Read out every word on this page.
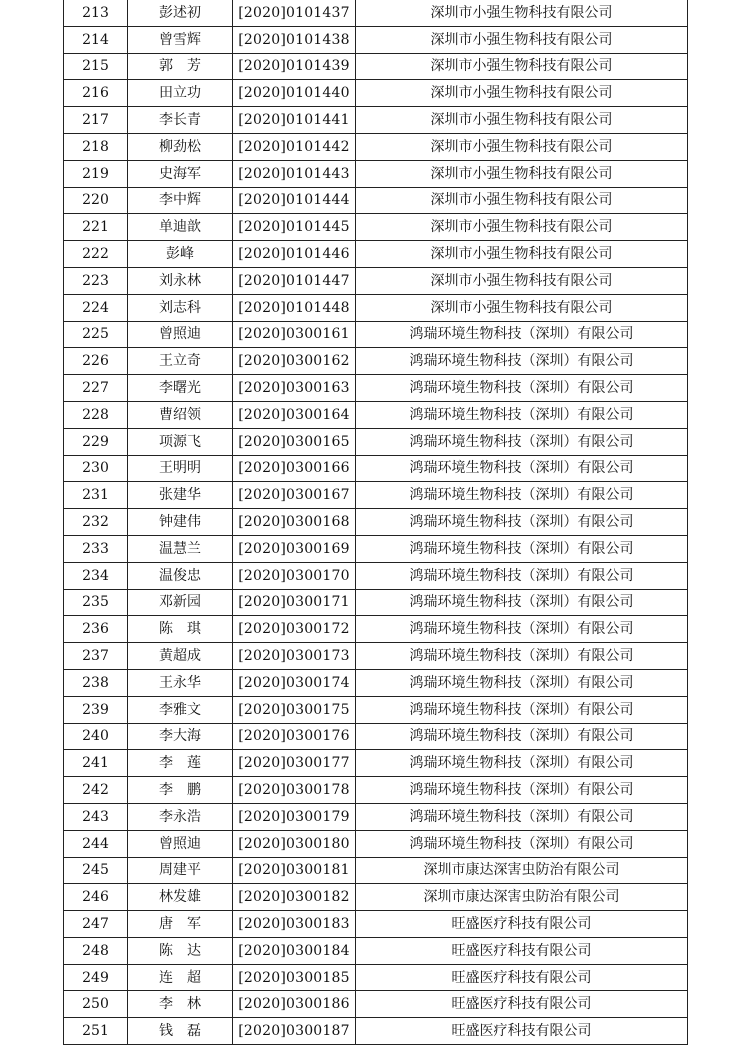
213	彭述初	[2020]0101437	深圳市小强生物科技有限公司
214	曾雪辉	[2020]0101438	深圳市小强生物科技有限公司
215	郭　芳	[2020]0101439	深圳市小强生物科技有限公司
216	田立功	[2020]0101440	深圳市小强生物科技有限公司
217	李长青	[2020]0101441	深圳市小强生物科技有限公司
218	柳劲松	[2020]0101442	深圳市小强生物科技有限公司
219	史海军	[2020]0101443	深圳市小强生物科技有限公司
220	李中辉	[2020]0101444	深圳市小强生物科技有限公司
221	单迪歆	[2020]0101445	深圳市小强生物科技有限公司
222	彭峰	[2020]0101446	深圳市小强生物科技有限公司
223	刘永林	[2020]0101447	深圳市小强生物科技有限公司
224	刘志科	[2020]0101448	深圳市小强生物科技有限公司
225	曾照迪	[2020]0300161	鸿瑞环境生物科技（深圳）有限公司
226	王立奇	[2020]0300162	鸿瑞环境生物科技（深圳）有限公司
227	李曙光	[2020]0300163	鸿瑞环境生物科技（深圳）有限公司
228	曹绍领	[2020]0300164	鸿瑞环境生物科技（深圳）有限公司
229	项源飞	[2020]0300165	鸿瑞环境生物科技（深圳）有限公司
230	王明明	[2020]0300166	鸿瑞环境生物科技（深圳）有限公司
231	张建华	[2020]0300167	鸿瑞环境生物科技（深圳）有限公司
232	钟建伟	[2020]0300168	鸿瑞环境生物科技（深圳）有限公司
233	温慧兰	[2020]0300169	鸿瑞环境生物科技（深圳）有限公司
234	温俊忠	[2020]0300170	鸿瑞环境生物科技（深圳）有限公司
235	邓新园	[2020]0300171	鸿瑞环境生物科技（深圳）有限公司
236	陈　琪	[2020]0300172	鸿瑞环境生物科技（深圳）有限公司
237	黄超成	[2020]0300173	鸿瑞环境生物科技（深圳）有限公司
238	王永华	[2020]0300174	鸿瑞环境生物科技（深圳）有限公司
239	李雅文	[2020]0300175	鸿瑞环境生物科技（深圳）有限公司
240	李大海	[2020]0300176	鸿瑞环境生物科技（深圳）有限公司
241	李　莲	[2020]0300177	鸿瑞环境生物科技（深圳）有限公司
242	李　鹏	[2020]0300178	鸿瑞环境生物科技（深圳）有限公司
243	李永浩	[2020]0300179	鸿瑞环境生物科技（深圳）有限公司
244	曾照迪	[2020]0300180	鸿瑞环境生物科技（深圳）有限公司
245	周建平	[2020]0300181	深圳市康达深害虫防治有限公司
246	林发雄	[2020]0300182	深圳市康达深害虫防治有限公司
247	唐　军	[2020]0300183	旺盛医疗科技有限公司
248	陈　达	[2020]0300184	旺盛医疗科技有限公司
249	连　超	[2020]0300185	旺盛医疗科技有限公司
250	李　林	[2020]0300186	旺盛医疗科技有限公司
251	钱　磊	[2020]0300187	旺盛医疗科技有限公司
